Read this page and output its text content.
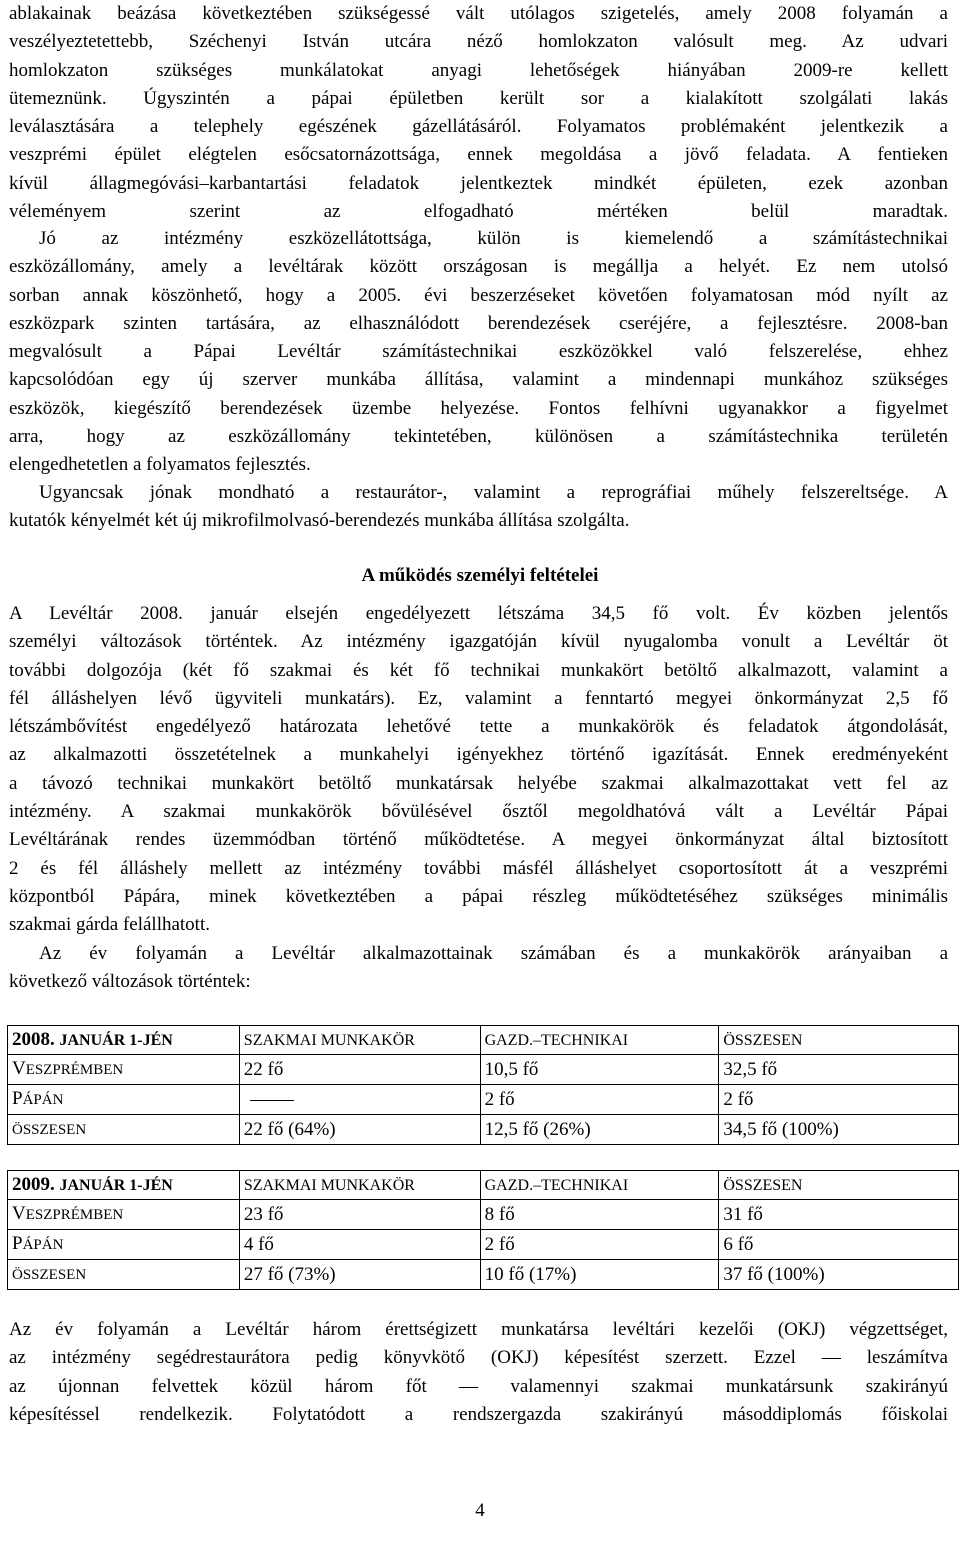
ablakainak beázása következtében szükségessé vált utólagos szigetelés, amely 2008 folyamán a
veszélyeztetettebb, Széchenyi István utcára néző homlokzaton valósult meg. Az udvari
homlokzaton szükséges munkálatokat anyagi lehetőségek hiányában 2009-re kellett
ütemeznünk. Úgyszintén a pápai épületben került sor a kialakított szolgálati lakás
leválasztására a telephely egészének gázellátásáról. Folyamatos problémaként jelentkezik a
veszprémi épület elégtelen esőcsatornázottsága, ennek megoldása a jövő feladata. A fentieken
kívül állagmegóvási–karbantartási feladatok jelentkeztek mindkét épületen, ezek azonban
véleményem szerint az elfogadható mértéken belül maradtak.
Jó az intézmény eszközellátottsága, külön is kiemelendő a számítástechnikai
eszközállomány, amely a levéltárak között országosan is megállja a helyét. Ez nem utolsó
sorban annak köszönhető, hogy a 2005. évi beszerzéseket követően folyamatosan mód nyílt az
eszközpark szinten tartására, az elhasználódott berendezések cseréjére, a fejlesztésre. 2008-ban
megvalósult a Pápai Levéltár számítástechnikai eszközökkel való felszerelése, ehhez
kapcsolódóan egy új szerver munkába állítása, valamint a mindennapi munkához szükséges
eszközök, kiegészítő berendezések üzembe helyezése. Fontos felhívni ugyanakkor a figyelmet
arra, hogy az eszközállomány tekintetében, különösen a számítástechnika területén
elengedhetetlen a folyamatos fejlesztés.
Ugyancsak jónak mondható a restaurátor-, valamint a reprográfiai műhely felszereltsége. A
kutatók kényelmét két új mikrofilmolvasó-berendezés munkába állítása szolgálta.
A működés személyi feltételei
A Levéltár 2008. január elsején engedélyezett létszáma 34,5 fő volt. Év közben jelentős
személyi változások történtek. Az intézmény igazgatóján kívül nyugalomba vonult a Levéltár öt
további dolgozója (két fő szakmai és két fő technikai munkakört betöltő alkalmazott, valamint a
fél álláshelyen lévő ügyviteli munkatárs). Ez, valamint a fenntartó megyei önkormányzat 2,5 fő
létszámbővítést engedélyező határozata lehetővé tette a munkakörök és feladatok átgondolását,
az alkalmazotti összetételnek a munkahelyi igényekhez történő igazítását. Ennek eredményeként
a távozó technikai munkakört betöltő munkatársak helyébe szakmai alkalmazottakat vett fel az
intézmény. A szakmai munkakörök bővülésével ősztől megoldhatóvá vált a Levéltár Pápai
Levéltárának rendes üzemmódban történő működtetése. A megyei önkormányzat által biztosított
2 és fél álláshely mellett az intézmény további másfél álláshelyet csoportosított át a veszprémi
központból Pápára, minek következtében a pápai részleg működtetéséhez szükséges minimális
szakmai gárda felállhatott.
Az év folyamán a Levéltár alkalmazottainak számában és a munkakörök arányaiban a
következő változások történtek:
2008. JANUÁR 1-JÉN	SZAKMAI MUNKAKÖR	GAZD.–TECHNIKAI	ÖSSZESEN
VESZPRÉMBEN	22 fő	10,5 fő	32,5 fő
PÁPÁN		2 fő	2 fő
ÖSSZESEN	22 fő (64%)	12,5 fő (26%)	34,5 fő (100%)
2009. JANUÁR 1-JÉN	SZAKMAI MUNKAKÖR	GAZD.–TECHNIKAI	ÖSSZESEN
VESZPRÉMBEN	23 fő	8 fő	31 fő
PÁPÁN	4 fő	2 fő	6 fő
ÖSSZESEN	27 fő (73%)	10 fő (17%)	37 fő (100%)
Az év folyamán a Levéltár három érettségizett munkatársa levéltári kezelői (OKJ) végzettséget,
az intézmény segédrestaurátora pedig könyvkötő (OKJ) képesítést szerzett. Ezzel — leszámítva
az újonnan felvettek közül három főt — valamennyi szakmai munkatársunk szakirányú
képesítéssel rendelkezik. Folytatódott a rendszergazda szakirányú másoddiplomás főiskolai

4
